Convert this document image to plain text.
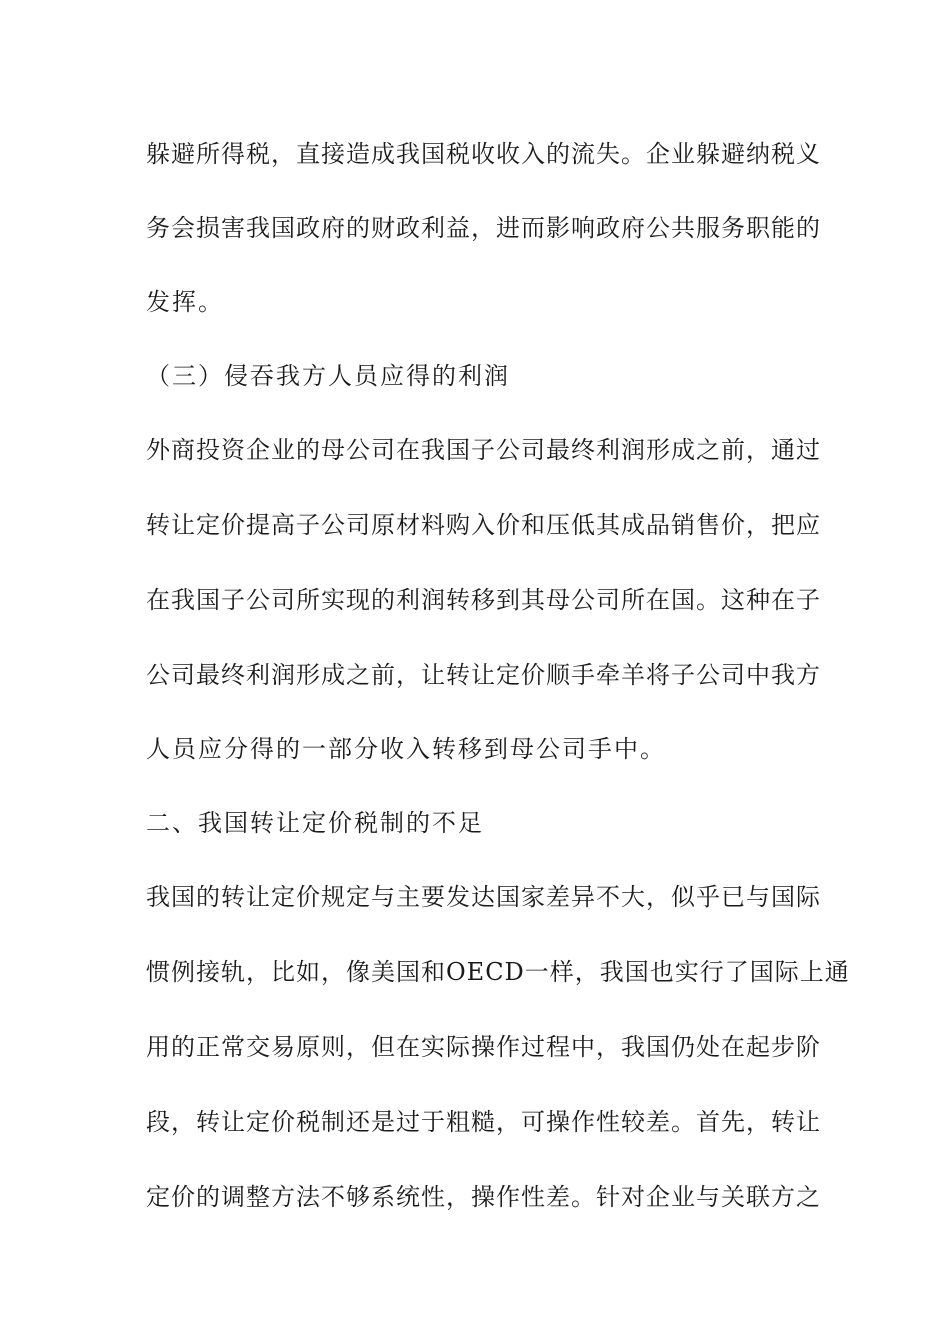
躲避所得税，直接造成我国税收收入的流失。企业躲避纳税义

务会损害我国政府的财政利益，进而影响政府公共服务职能的

发挥。

（三）侵吞我方人员应得的利润

外商投资企业的母公司在我国子公司最终利润形成之前，通过

转让定价提高子公司原材料购入价和压低其成品销售价，把应

在我国子公司所实现的利润转移到其母公司所在国。这种在子

公司最终利润形成之前，让转让定价顺手牵羊将子公司中我方

人员应分得的一部分收入转移到母公司手中。

二、我国转让定价税制的不足

我国的转让定价规定与主要发达国家差异不大，似乎已与国际

惯例接轨，比如，像美国和OECD一样，我国也实行了国际上通

用的正常交易原则，但在实际操作过程中，我国仍处在起步阶

段，转让定价税制还是过于粗糙，可操作性较差。首先，转让

定价的调整方法不够系统性，操作性差。针对企业与关联方之
